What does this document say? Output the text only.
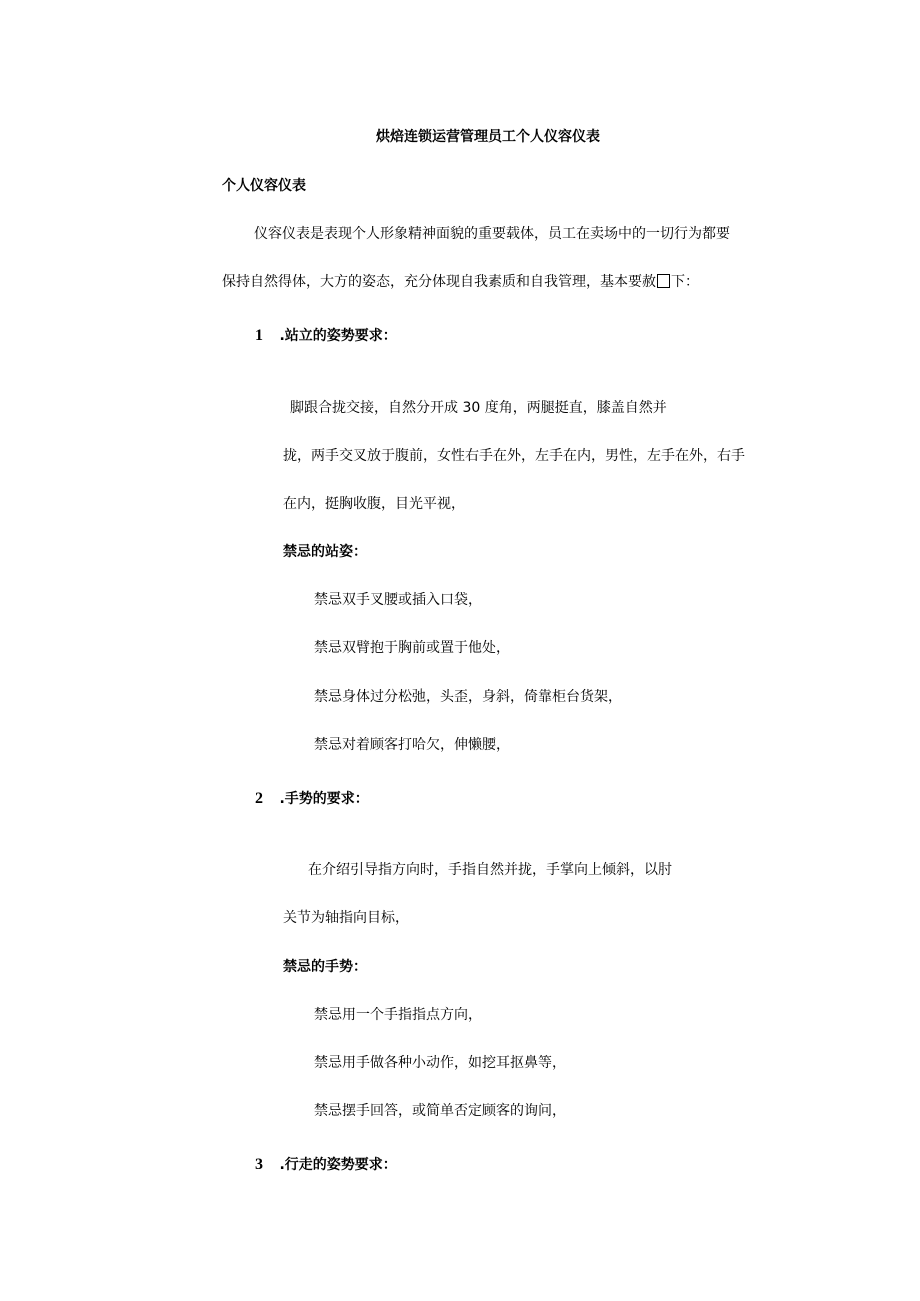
烘焙连锁运营管理员工个人仪容仪表
个人仪容仪表
仪容仪表是表现个人形象精神面貌的重要载体，员工在卖场中的一切行为都要
保持自然得体，大方的姿态，充分体现自我素质和自我管理，基本要赦 下：
1 .站立的姿势要求：
脚跟合拢交接，自然分开成 30 度角，两腿挺直，膝盖自然并
拢，两手交叉放于腹前，女性右手在外，左手在内，男性，左手在外，右手
在内，挺胸收腹，目光平视，
禁忌的站姿：
禁忌双手叉腰或插入口袋，
禁忌双臂抱于胸前或置于他处，
禁忌身体过分松弛，头歪，身斜，倚靠柜台货架，
禁忌对着顾客打哈欠，伸懒腰，
2 .手势的要求：
在介绍引导指方向时，手指自然并拢，手掌向上倾斜，以肘
关节为轴指向目标，
禁忌的手势：
禁忌用一个手指指点方向，
禁忌用手做各种小动作，如挖耳抠鼻等，
禁忌摆手回答，或简单否定顾客的询问，
3 .行走的姿势要求：
